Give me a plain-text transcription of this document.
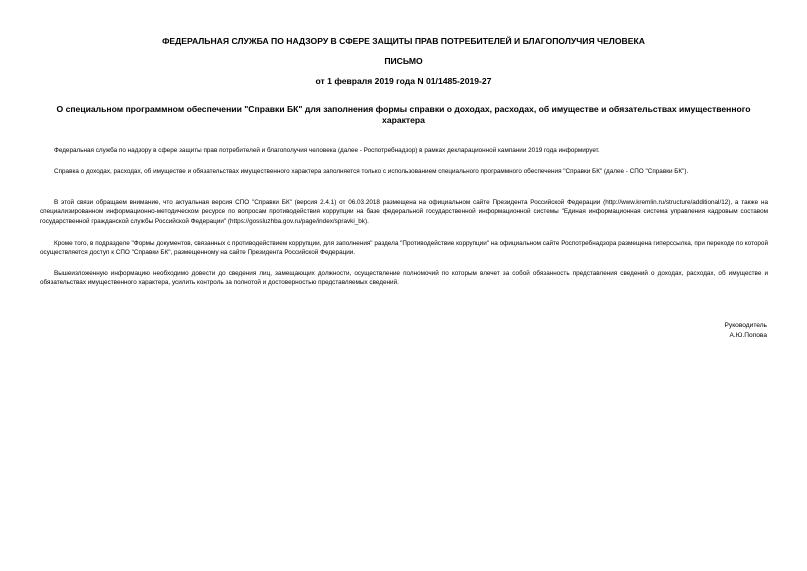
ФЕДЕРАЛЬНАЯ СЛУЖБА ПО НАДЗОРУ В СФЕРЕ ЗАЩИТЫ ПРАВ ПОТРЕБИТЕЛЕЙ И БЛАГОПОЛУЧИЯ ЧЕЛОВЕКА
ПИСЬМО
от 1 февраля 2019 года N 01/1485-2019-27
О специальном программном обеспечении "Справки БК" для заполнения формы справки о доходах, расходах, об имуществе и обязательствах имущественного характера

Федеральная служба по надзору в сфере защиты прав потребителей и благополучия человека (далее - Роспотребнадзор) в рамках декларационной кампании 2019 года информирует.

Справка о доходах, расходах, об имуществе и обязательствах имущественного характера заполняется только с использованием специального программного обеспечения "Справки БК" (далее - СПО "Справки БК").

В этой связи обращаем внимание, что актуальная версия СПО "Справки БК" (версия 2.4.1) от 06.03.2018 размещена на официальном сайте Президента Российской Федерации (http://www.kremlin.ru/structure/additional/12), а также на специализированном информационно-методическом ресурсе по вопросам противодействия коррупции на базе федеральной государственной информационной системы "Единая информационная система управления кадровым составом государственной гражданской службы Российской Федерации" (https://gossluzhba.gov.ru/page/index/spravki_bk).

Кроме того, в подразделе "Формы документов, связанных с противодействием коррупции, для заполнения" раздела "Противодействие коррупции" на официальном сайте Роспотребнадзора размещена гиперссылка, при переходе по которой осуществляется доступ к СПО "Справки БК", размещенному на сайте Президента Российской Федерации.

Вышеизложенную информацию необходимо довести до сведения лиц, замещающих должности, осуществление полномочий по которым влечет за собой обязанность представления сведений о доходах, расходах, об имуществе и обязательствах имущественного характера, усилить контроль за полнотой и достоверностью представляемых сведений.

Руководитель
А.Ю.Попова
